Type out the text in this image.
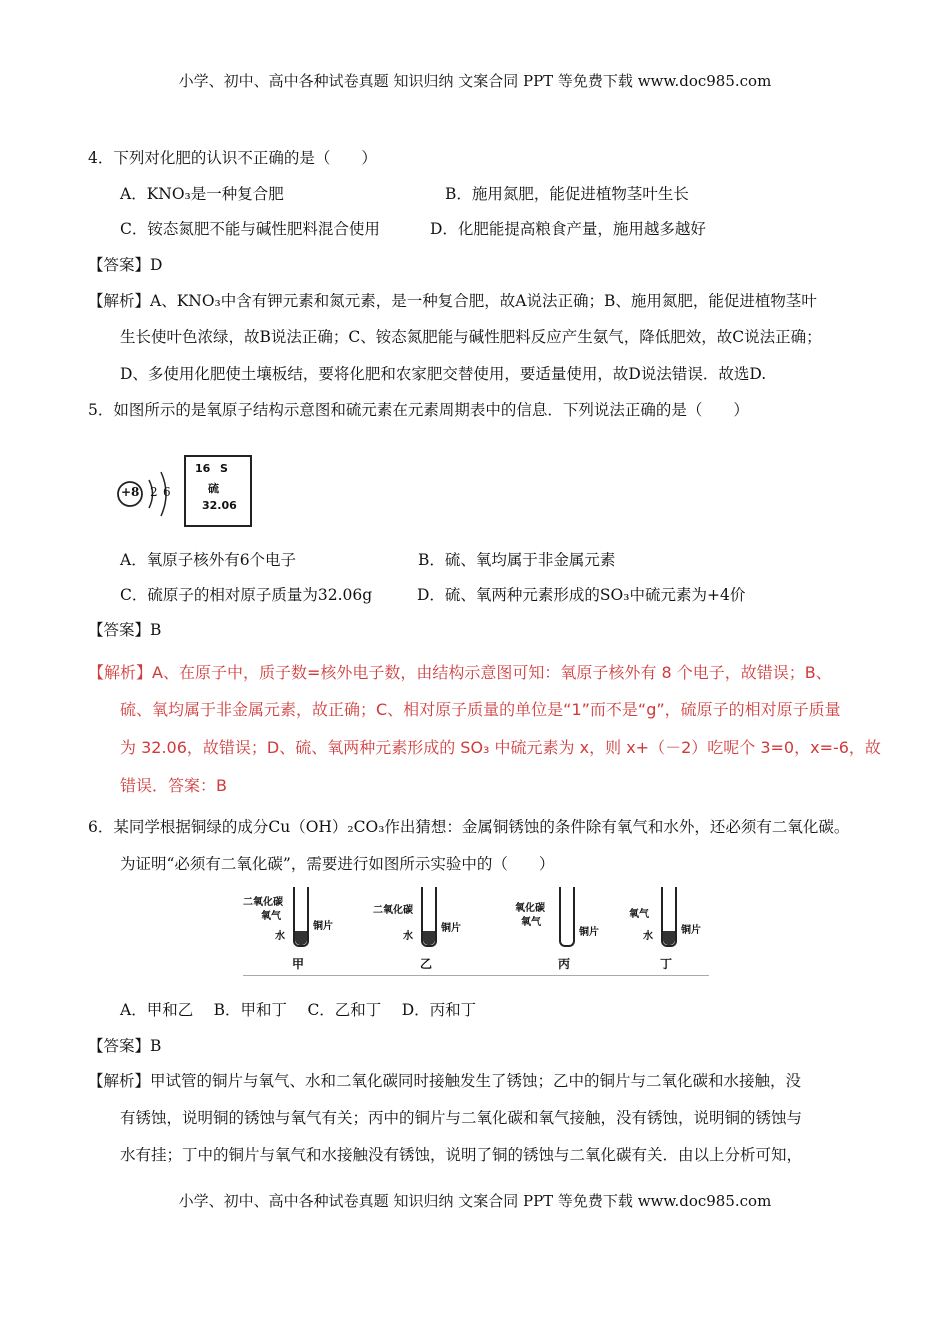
小学、初中、高中各种试卷真题 知识归纳 文案合同 PPT 等免费下载 www.doc985.com
4．下列对化肥的认识不正确的是（　　）
A．KNO₃是一种复合肥	B．施用氮肥，能促进植物茎叶生长
C．铵态氮肥不能与碱性肥料混合使用	D．化肥能提高粮食产量，施用越多越好
【答案】D
【解析】A、KNO₃中含有钾元素和氮元素，是一种复合肥，故A说法正确；B、施用氮肥，能促进植物茎叶
生长使叶色浓绿，故B说法正确；C、铵态氮肥能与碱性肥料反应产生氨气，降低肥效，故C说法正确；
D、多使用化肥使土壤板结，要将化肥和农家肥交替使用，要适量使用，故D说法错误．故选D.
5．如图所示的是氧原子结构示意图和硫元素在元素周期表中的信息．下列说法正确的是（　　）
+8 2 6
16 S
硫
32.06
A．氧原子核外有6个电子	B．硫、氧均属于非金属元素
C．硫原子的相对原子质量为32.06g	D．硫、氧两种元素形成的SO₃中硫元素为+4价
【答案】B
【解析】A、在原子中，质子数=核外电子数，由结构示意图可知：氧原子核外有 8 个电子，故错误；B、
硫、氧均属于非金属元素，故正确；C、相对原子质量的单位是“1”而不是“g”，硫原子的相对原子质量
为 32.06，故错误；D、硫、氧两种元素形成的 SO₃ 中硫元素为 x，则 x+（－2）吃呢个 3=0，x=-6，故
错误．答案：B
6．某同学根据铜绿的成分Cu（OH）₂CO₃作出猜想：金属铜锈蚀的条件除有氧气和水外，还必须有二氧化碳。
为证明“必须有二氧化碳”，需要进行如图所示实验中的（　　）
二氧化碳
氧气
水
铜片
甲
二氧化碳
水
铜片
乙
氧化碳
氧气
铜片
丙
氧气
水
铜片
丁
A．甲和乙　 B．甲和丁　 C．乙和丁　 D．丙和丁
【答案】B
【解析】甲试管的铜片与氧气、水和二氧化碳同时接触发生了锈蚀；乙中的铜片与二氧化碳和水接触，没
有锈蚀，说明铜的锈蚀与氧气有关；丙中的铜片与二氧化碳和氧气接触，没有锈蚀，说明铜的锈蚀与
水有挂；丁中的铜片与氧气和水接触没有锈蚀，说明了铜的锈蚀与二氧化碳有关．由以上分析可知，
小学、初中、高中各种试卷真题 知识归纳 文案合同 PPT 等免费下载 www.doc985.com
